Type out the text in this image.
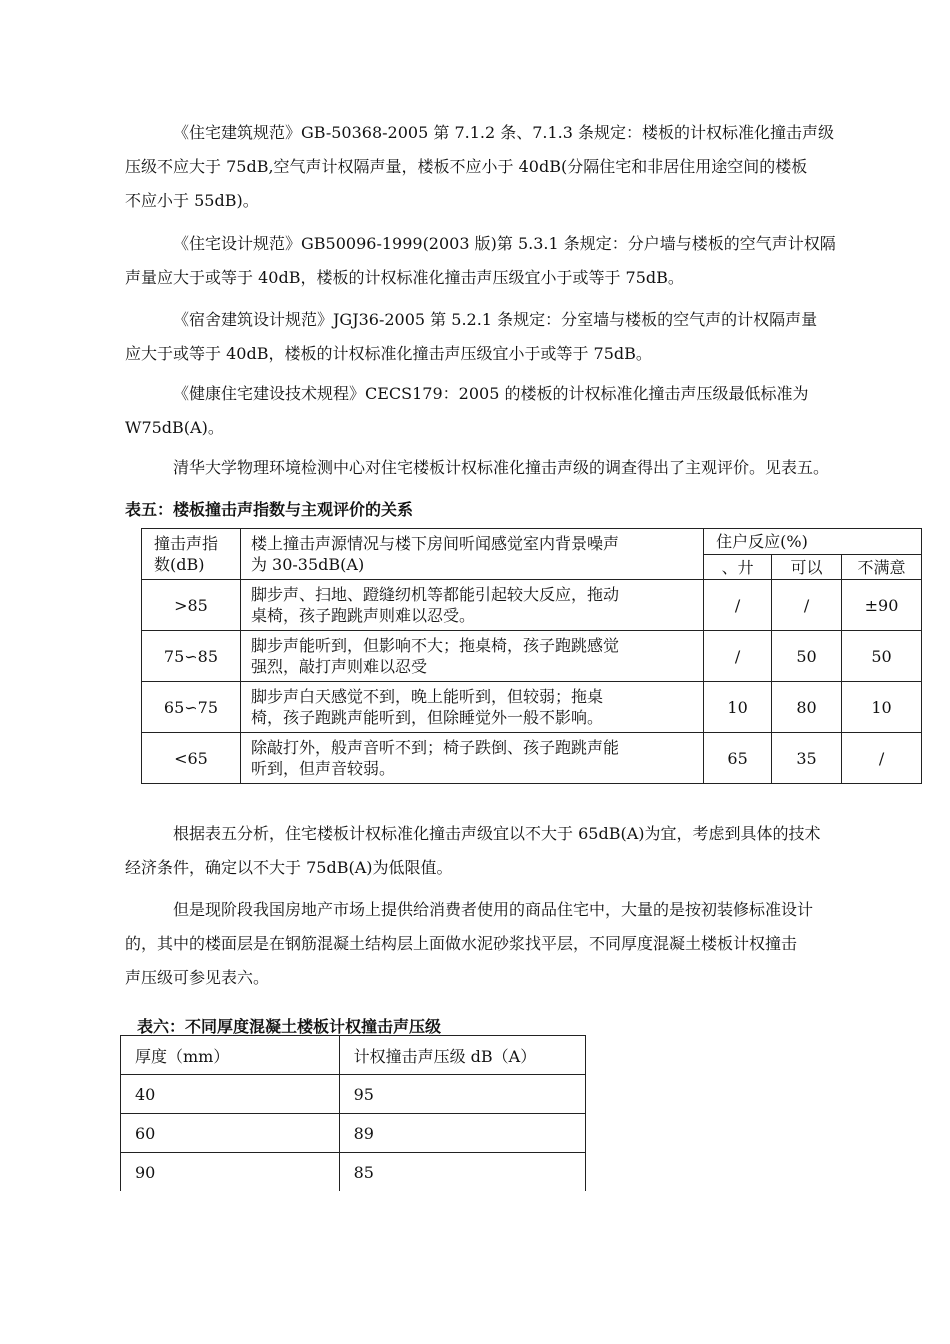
《住宅建筑规范》GB-50368-2005 第 7.1.2 条、7.1.3 条规定：楼板的计权标准化撞击声级
压级不应大于 75dB,空气声计权隔声量，楼板不应小于 40dB(分隔住宅和非居住用途空间的楼板
不应小于 55dB)。
《住宅设计规范》GB50096-1999(2003 版)第 5.3.1 条规定：分户墙与楼板的空气声计权隔
声量应大于或等于 40dB，楼板的计权标准化撞击声压级宜小于或等于 75dB。
《宿舍建筑设计规范》JGJ36-2005 第 5.2.1 条规定：分室墙与楼板的空气声的计权隔声量
应大于或等于 40dB，楼板的计权标准化撞击声压级宜小于或等于 75dB。
《健康住宅建设技术规程》CECS179：2005 的楼板的计权标准化撞击声压级最低标准为
W75dB(A)。
清华大学物理环境检测中心对住宅楼板计权标准化撞击声级的调查得出了主观评价。见表五。
表五：楼板撞击声指数与主观评价的关系
撞击声指
数(dB)	楼上撞击声源情况与楼下房间听闻感觉室内背景噪声
为 30-35dB(A)	住户反应(%)		
		、廾	可以	不满意
>85	脚步声、扫地、蹬缝纫机等都能引起较大反应，拖动
桌椅，孩子跑跳声则难以忍受。	/	/	±90
75∽85	脚步声能听到，但影响不大；拖桌椅，孩子跑跳感觉
强烈，敲打声则难以忍受	/	50	50
65∽75	脚步声白天感觉不到，晚上能听到，但较弱；拖桌
椅，孩子跑跳声能听到，但除睡觉外一般不影响。	10	80	10
<65	除敲打外，般声音听不到；椅子跌倒、孩子跑跳声能
听到，但声音较弱。	65	35	/
根据表五分析，住宅楼板计权标准化撞击声级宜以不大于 65dB(A)为宜，考虑到具体的技术
经济条件，确定以不大于 75dB(A)为低限值。
但是现阶段我国房地产市场上提供给消费者使用的商品住宅中，大量的是按初装修标准设计
的，其中的楼面层是在钢筋混凝土结构层上面做水泥砂浆找平层，不同厚度混凝土楼板计权撞击
声压级可参见表六。
表六：不同厚度混凝土楼板计权撞击声压级
厚度（mm）	计权撞击声压级 dB（A）
40	95
60	89
90	85
